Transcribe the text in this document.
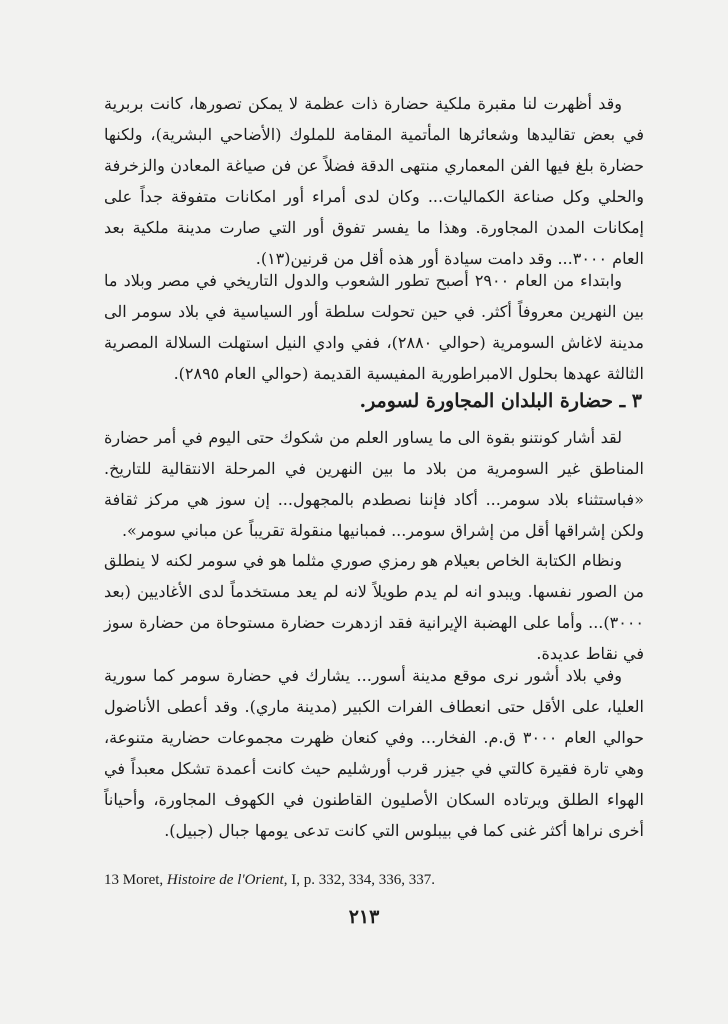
وقد أظهرت لنا مقبرة ملكية حضارة ذات عظمة لا يمكن تصورها، كانت بربرية في بعض تقاليدها وشعائرها المأتمية المقامة للملوك (الأضاحي البشرية)، ولكنها حضارة بلغ فيها الفن المعماري منتهى الدقة فضلاً عن فن صياغة المعادن والزخرفة والحلي وكل صناعة الكماليات... وكان لدى أمراء أور امكانات متفوقة جداً على إمكانات المدن المجاورة. وهذا ما يفسر تفوق أور التي صارت مدينة ملكية بعد العام ٣٠٠٠... وقد دامت سيادة أور هذه أقل من قرنين(١٣).

وابتداء من العام ٢٩٠٠ أصبح تطور الشعوب والدول التاريخي في مصر وبلاد ما بين النهرين معروفاً أكثر. في حين تحولت سلطة أور السياسية في بلاد سومر الى مدينة لاغاش السومرية (حوالي ٢٨٨٠)، ففي وادي النيل استهلت السلالة المصرية الثالثة عهدها بحلول الامبراطورية المفيسية القديمة (حوالي العام ٢٨٩٥).

٣ ـ حضارة البلدان المجاورة لسومر.

لقد أشار كونتنو بقوة الى ما يساور العلم من شكوك حتى اليوم في أمر حضارة المناطق غير السومرية من بلاد ما بين النهرين في المرحلة الانتقالية للتاريخ. «فباستثناء بلاد سومر... أكاد فإننا نصطدم بالمجهول... إن سوز هي مركز ثقافة ولكن إشراقها أقل من إشراق سومر... فمبانيها منقولة تقريباً عن مباني سومر».

ونظام الكتابة الخاص بعيلام هو رمزي صوري مثلما هو في سومر لكنه لا ينطلق من الصور نفسها. ويبدو انه لم يدم طويلاً لانه لم يعد مستخدماً لدى الأغاديين (بعد ٣٠٠٠)... وأما على الهضبة الإيرانية فقد ازدهرت حضارة مستوحاة من حضارة سوز في نقاط عديدة.

وفي بلاد أشور نرى موقع مدينة أسور... يشارك في حضارة سومر كما سورية العليا، على الأقل حتى انعطاف الفرات الكبير (مدينة ماري). وقد أعطى الأناضول حوالي العام ٣٠٠٠ ق.م. الفخار... وفي كنعان ظهرت مجموعات حضارية متنوعة، وهي تارة فقيرة كالتي في جيزر قرب أورشليم حيث كانت أعمدة تشكل معبداً في الهواء الطلق ويرتاده السكان الأصليون القاطنون في الكهوف المجاورة، وأحياناً أخرى نراها أكثر غنى كما في بيبلوس التي كانت تدعى يومها جبال (جبيل).

13 Moret, Histoire de l'Orient, I, p. 332, 334, 336, 337.
٢١٣
